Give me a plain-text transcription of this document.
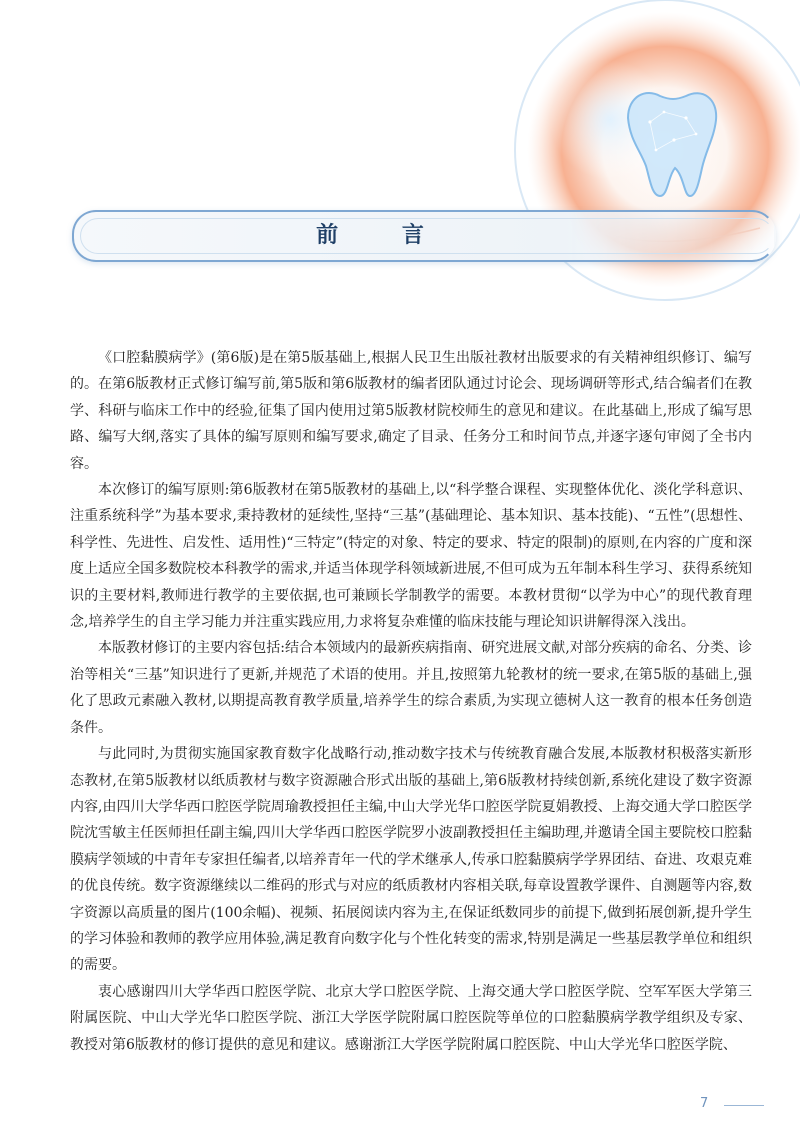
前 言

《口腔黏膜病学》(第6版)是在第5版基础上,根据人民卫生出版社教材出版要求的有关精神组织修订、编写的。在第6版教材正式修订编写前,第5版和第6版教材的编者团队通过讨论会、现场调研等形式,结合编者们在教学、科研与临床工作中的经验,征集了国内使用过第5版教材院校师生的意见和建议。在此基础上,形成了编写思路、编写大纲,落实了具体的编写原则和编写要求,确定了目录、任务分工和时间节点,并逐字逐句审阅了全书内容。

本次修订的编写原则:第6版教材在第5版教材的基础上,以“科学整合课程、实现整体优化、淡化学科意识、注重系统科学”为基本要求,秉持教材的延续性,坚持“三基”(基础理论、基本知识、基本技能)、“五性”(思想性、科学性、先进性、启发性、适用性)“三特定”(特定的对象、特定的要求、特定的限制)的原则,在内容的广度和深度上适应全国多数院校本科教学的需求,并适当体现学科领域新进展,不但可成为五年制本科生学习、获得系统知识的主要材料,教师进行教学的主要依据,也可兼顾长学制教学的需要。本教材贯彻“以学为中心”的现代教育理念,培养学生的自主学习能力并注重实践应用,力求将复杂难懂的临床技能与理论知识讲解得深入浅出。

本版教材修订的主要内容包括:结合本领域内的最新疾病指南、研究进展文献,对部分疾病的命名、分类、诊治等相关“三基”知识进行了更新,并规范了术语的使用。并且,按照第九轮教材的统一要求,在第5版的基础上,强化了思政元素融入教材,以期提高教育教学质量,培养学生的综合素质,为实现立德树人这一教育的根本任务创造条件。

与此同时,为贯彻实施国家教育数字化战略行动,推动数字技术与传统教育融合发展,本版教材积极落实新形态教材,在第5版教材以纸质教材与数字资源融合形式出版的基础上,第6版教材持续创新,系统化建设了数字资源内容,由四川大学华西口腔医学院周瑜教授担任主编,中山大学光华口腔医学院夏娟教授、上海交通大学口腔医学院沈雪敏主任医师担任副主编,四川大学华西口腔医学院罗小波副教授担任主编助理,并邀请全国主要院校口腔黏膜病学领域的中青年专家担任编者,以培养青年一代的学术继承人,传承口腔黏膜病学学界团结、奋进、攻艰克难的优良传统。数字资源继续以二维码的形式与对应的纸质教材内容相关联,每章设置教学课件、自测题等内容,数字资源以高质量的图片(100余幅)、视频、拓展阅读内容为主,在保证纸数同步的前提下,做到拓展创新,提升学生的学习体验和教师的教学应用体验,满足教育向数字化与个性化转变的需求,特别是满足一些基层教学单位和组织的需要。

衷心感谢四川大学华西口腔医学院、北京大学口腔医学院、上海交通大学口腔医学院、空军军医大学第三附属医院、中山大学光华口腔医学院、浙江大学医学院附属口腔医院等单位的口腔黏膜病学教学组织及专家、教授对第6版教材的修订提供的意见和建议。感谢浙江大学医学院附属口腔医院、中山大学光华口腔医学院、

7
